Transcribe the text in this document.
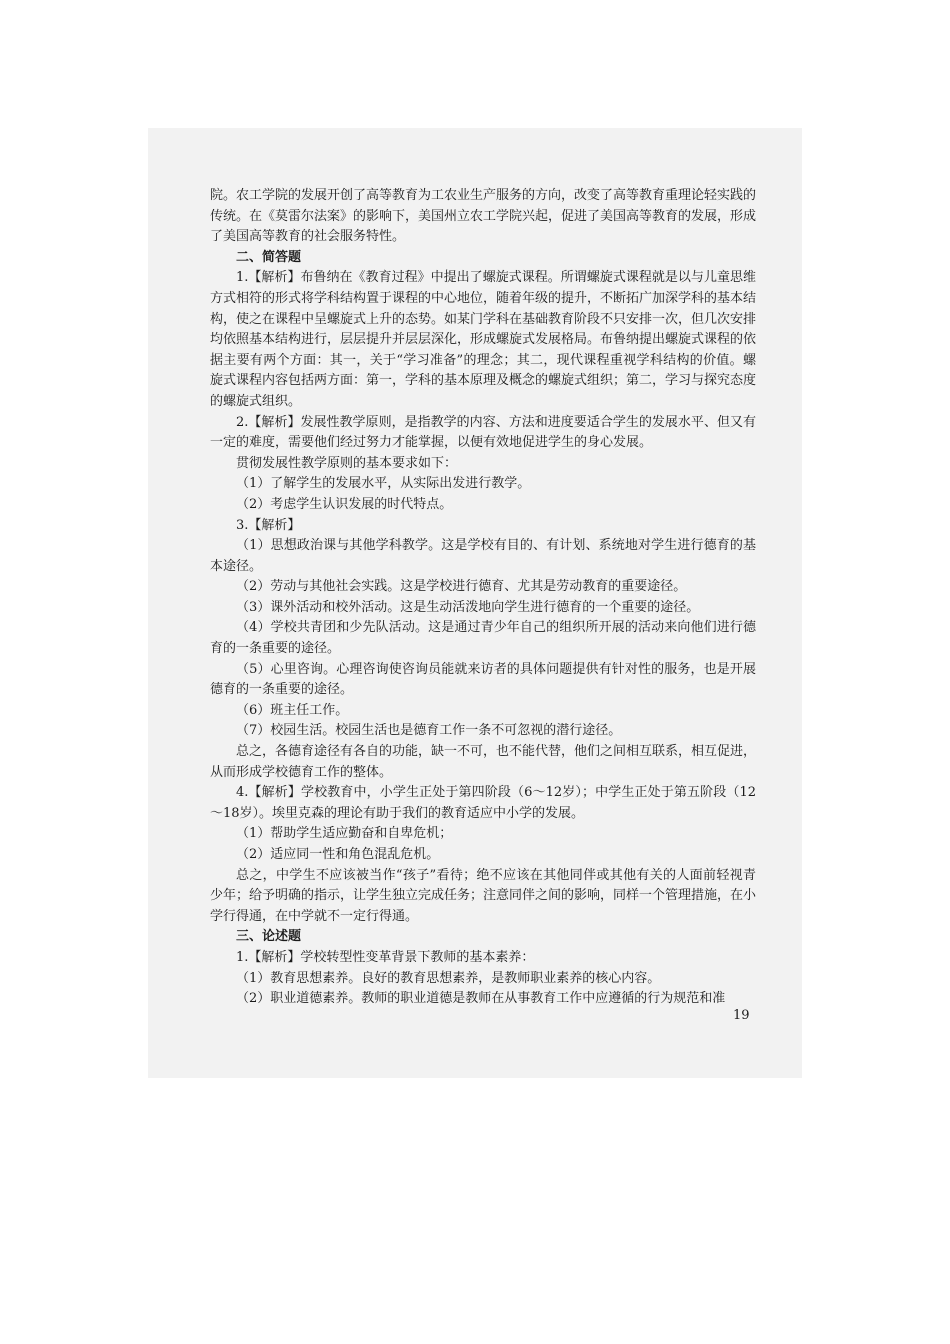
院。农工学院的发展开创了高等教育为工农业生产服务的方向，改变了高等教育重理论轻实践的传统。在《莫雷尔法案》的影响下，美国州立农工学院兴起，促进了美国高等教育的发展，形成了美国高等教育的社会服务特性。

二、简答题

1.【解析】布鲁纳在《教育过程》中提出了螺旋式课程。所谓螺旋式课程就是以与儿童思维方式相符的形式将学科结构置于课程的中心地位，随着年级的提升，不断拓广加深学科的基本结构，使之在课程中呈螺旋式上升的态势。如某门学科在基础教育阶段不只安排一次，但几次安排均依照基本结构进行，层层提升并层层深化，形成螺旋式发展格局。布鲁纳提出螺旋式课程的依据主要有两个方面：其一，关于“学习准备”的理念；其二，现代课程重视学科结构的价值。螺旋式课程内容包括两方面：第一，学科的基本原理及概念的螺旋式组织；第二，学习与探究态度的螺旋式组织。

2.【解析】发展性教学原则，是指教学的内容、方法和进度要适合学生的发展水平、但又有一定的难度，需要他们经过努力才能掌握，以便有效地促进学生的身心发展。

贯彻发展性教学原则的基本要求如下：

（1）了解学生的发展水平，从实际出发进行教学。

（2）考虑学生认识发展的时代特点。

3.【解析】

（1）思想政治课与其他学科教学。这是学校有目的、有计划、系统地对学生进行德育的基本途径。

（2）劳动与其他社会实践。这是学校进行德育、尤其是劳动教育的重要途径。

（3）课外活动和校外活动。这是生动活泼地向学生进行德育的一个重要的途径。

（4）学校共青团和少先队活动。这是通过青少年自己的组织所开展的活动来向他们进行德育的一条重要的途径。

（5）心里咨询。心理咨询使咨询员能就来访者的具体问题提供有针对性的服务，也是开展德育的一条重要的途径。

（6）班主任工作。

（7）校园生活。校园生活也是德育工作一条不可忽视的潜行途径。

总之，各德育途径有各自的功能，缺一不可，也不能代替，他们之间相互联系，相互促进，从而形成学校德育工作的整体。

4.【解析】学校教育中，小学生正处于第四阶段（6～12岁）；中学生正处于第五阶段（12～18岁）。埃里克森的理论有助于我们的教育适应中小学的发展。

（1）帮助学生适应勤奋和自卑危机；

（2）适应同一性和角色混乱危机。

总之，中学生不应该被当作“孩子”看待；绝不应该在其他同伴或其他有关的人面前轻视青少年；给予明确的指示，让学生独立完成任务；注意同伴之间的影响，同样一个管理措施，在小学行得通，在中学就不一定行得通。

三、论述题

1.【解析】学校转型性变革背景下教师的基本素养：

（1）教育思想素养。良好的教育思想素养，是教师职业素养的核心内容。

（2）职业道德素养。教师的职业道德是教师在从事教育工作中应遵循的行为规范和准

19
